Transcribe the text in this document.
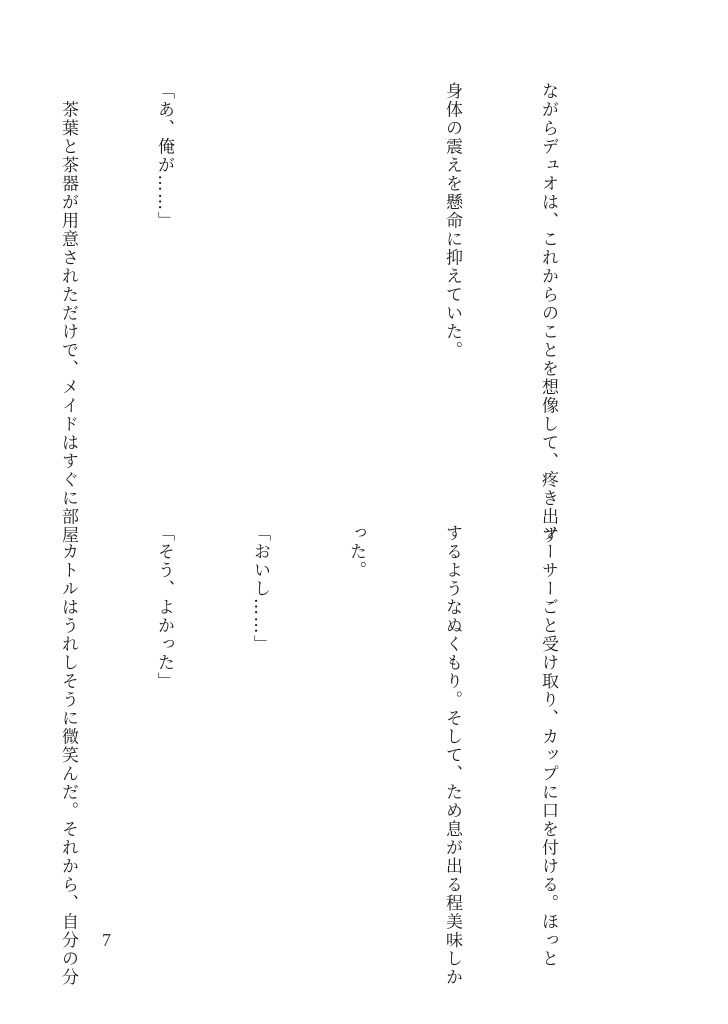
ながらデュオは、これからのことを想像して、疼き出す

身体の震えを懸命に抑えていた。

「あ、俺が……」

　茶葉と茶器が用意されただけで、メイドはすぐに部屋

ソーサーごと受け取り、カップに口を付ける。ほっと

するようなぬくもり。そして、ため息が出る程美味しか

った。

「おいし……」

「そう、よかった」

　カトルはうれしそうに微笑んだ。それから、自分の分

	7
